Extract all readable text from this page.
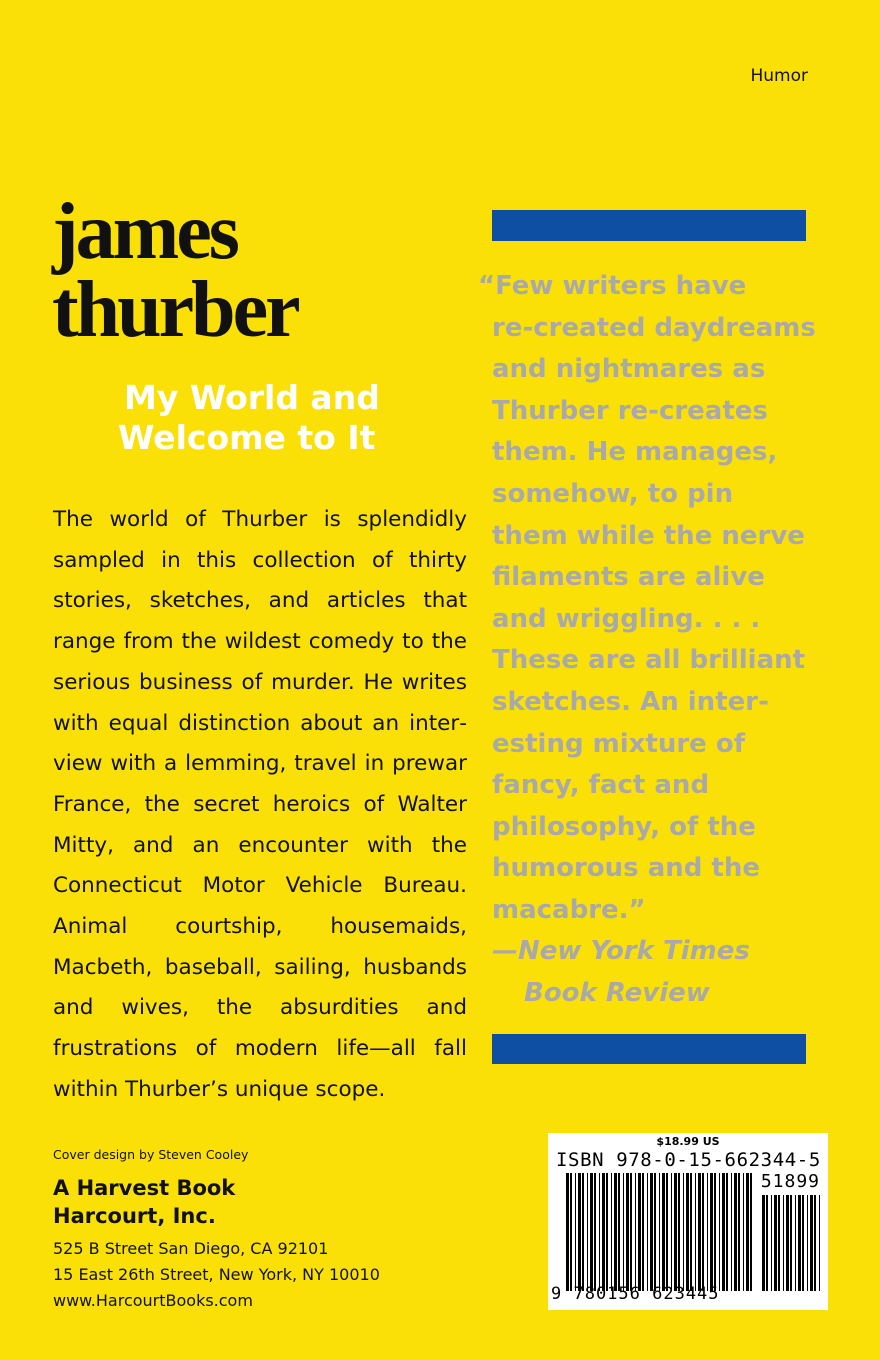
Humor
james
thurber
My World and
Welcome to It
The world of Thurber is splendidly sampled in this collection of thirty stories, sketches, and articles that range from the wildest comedy to the serious business of murder. He writes with equal distinction about an interview with a lemming, travel in prewar France, the secret heroics of Walter Mitty, and an encounter with the Connecticut Motor Vehicle Bureau. Animal courtship, housemaids, Macbeth, baseball, sailing, husbands and wives, the absurdities and frustrations of modern life—all fall within Thurber’s unique scope.
“Few writers have
re-created daydreams
and nightmares as
Thurber re-creates
them. He manages,
somehow, to pin
them while the nerve
filaments are alive
and wriggling. . . .
These are all brilliant
sketches. An inter-
esting mixture of
fancy, fact and
philosophy, of the
humorous and the
macabre.”
—New York Times
Book Review
Cover design by Steven Cooley
A Harvest Book
Harcourt, Inc.
525 B Street San Diego, CA 92101
15 East 26th Street, New York, NY 10010
www.HarcourtBooks.com
$18.99 US
ISBN 978-0-15-662344-5
51899
9 780156 623445
